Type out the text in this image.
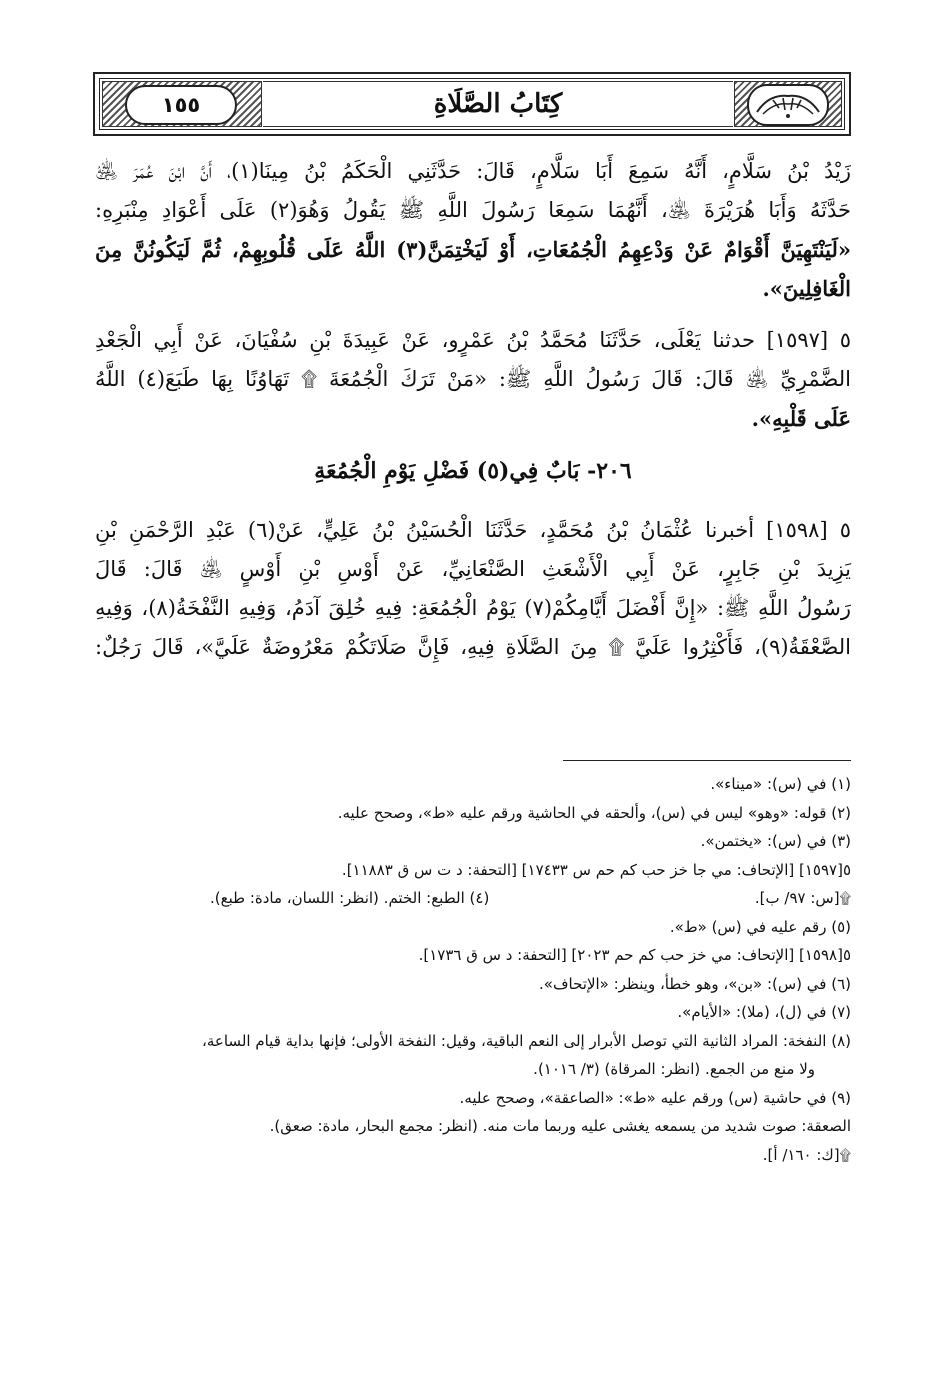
كِتَابُ الصَّلَاةِ
١٥٥
زَيْدُ بْنُ سَلَّامٍ، أَنَّهُ سَمِعَ أَبَا سَلَّامٍ، قَالَ: حَدَّثَنِي الْحَكَمُ بْنُ مِينَا(١)، أَنَّ ابْنَ عُمَرَ ﵁
حَدَّثَهُ وَأَبَا هُرَيْرَةَ ﵁، أَنَّهُمَا سَمِعَا رَسُولَ اللَّهِ ﷺ يَقُولُ وَهُوَ(٢) عَلَى أَعْوَادِ مِنْبَرِهِ:
«لَيَنْتَهِيَنَّ أَقْوَامٌ عَنْ وَدْعِهِمُ الْجُمُعَاتِ، أَوْ لَيَخْتِمَنَّ(٣) اللَّهُ عَلَى قُلُوبِهِمْ، ثُمَّ لَيَكُونُنَّ مِنَ
الْغَافِلِينَ».
٥ [١٥٩٧] حدثنا يَعْلَى، حَدَّثَنَا مُحَمَّدُ بْنُ عَمْرٍو، عَنْ عَبِيدَةَ بْنِ سُفْيَانَ، عَنْ أَبِي الْجَعْدِ
الضَّمْرِيِّ ﵁ قَالَ: قَالَ رَسُولُ اللَّهِ ﷺ: «مَنْ تَرَكَ الْجُمُعَةَ ۩ تَهَاوُنًا بِهَا طَبَعَ(٤) اللَّهُ
عَلَى قَلْبِهِ».
٢٠٦- بَابٌ فِي(٥) فَضْلِ يَوْمِ الْجُمُعَةِ
٥ [١٥٩٨] أخبرنا عُثْمَانُ بْنُ مُحَمَّدٍ، حَدَّثَنَا الْحُسَيْنُ بْنُ عَلِيٍّ، عَنْ(٦) عَبْدِ الرَّحْمَنِ بْنِ
يَزِيدَ بْنِ جَابِرٍ، عَنْ أَبِي الْأَشْعَثِ الصَّنْعَانِيِّ، عَنْ أَوْسِ بْنِ أَوْسٍ ﵁ قَالَ: قَالَ
رَسُولُ اللَّهِ ﷺ: «إِنَّ أَفْضَلَ أَيَّامِكُمْ(٧) يَوْمُ الْجُمُعَةِ: فِيهِ خُلِقَ آدَمُ، وَفِيهِ النَّفْخَةُ(٨)، وَفِيهِ
الصَّعْقَةُ(٩)، فَأَكْثِرُوا عَلَيَّ ۩ مِنَ الصَّلَاةِ فِيهِ، فَإِنَّ صَلَاتَكُمْ مَعْرُوضَةٌ عَلَيَّ»، قَالَ رَجُلٌ:
(١) في (س): «ميناء».
(٢) قوله: «وهو» ليس في (س)، وألحقه في الحاشية ورقم عليه «ط»، وصحح عليه.
(٣) في (س): «يختمن».
٥[١٥٩٧] [الإتحاف: مي جا خز حب كم حم س ١٧٤٣٣] [التحفة: د ت س ق ١١٨٨٣].
۩[س: ٩٧/ ب].
(٤) الطبع: الختم. (انظر: اللسان، مادة: طبع).
(٥) رقم عليه في (س) «ط».
٥[١٥٩٨] [الإتحاف: مي خز حب كم حم ٢٠٢٣] [التحفة: د س ق ١٧٣٦].
(٦) في (س): «بن»، وهو خطأ، وينظر: «الإتحاف».
(٧) في (ل)، (ملا): «الأيام».
(٨) النفخة: المراد الثانية التي توصل الأبرار إلى النعم الباقية، وقيل: النفخة الأولى؛ فإنها بداية قيام الساعة،
ولا منع من الجمع. (انظر: المرقاة) (٣/ ١٠١٦).
(٩) في حاشية (س) ورقم عليه «ط»: «الصاعقة»، وصحح عليه.
الصعقة: صوت شديد من يسمعه يغشى عليه وربما مات منه. (انظر: مجمع البحار، مادة: صعق).
۩[ك: ١٦٠/ أ].
